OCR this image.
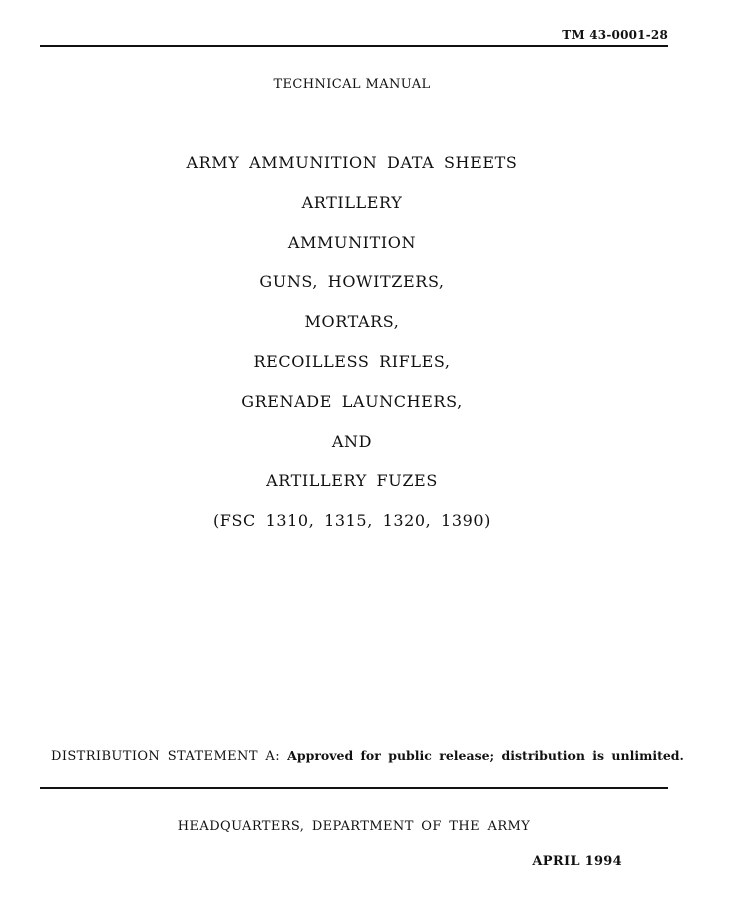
TM 43-0001-28
TECHNICAL MANUAL
ARMY AMMUNITION DATA SHEETS
ARTILLERY
AMMUNITION
GUNS, HOWITZERS,
MORTARS,
RECOILLESS RIFLES,
GRENADE LAUNCHERS,
AND
ARTILLERY FUZES
(FSC 1310, 1315, 1320, 1390)
DISTRIBUTION STATEMENT A: Approved for public release; distribution is unlimited.
HEADQUARTERS, DEPARTMENT OF THE ARMY
APRIL 1994
